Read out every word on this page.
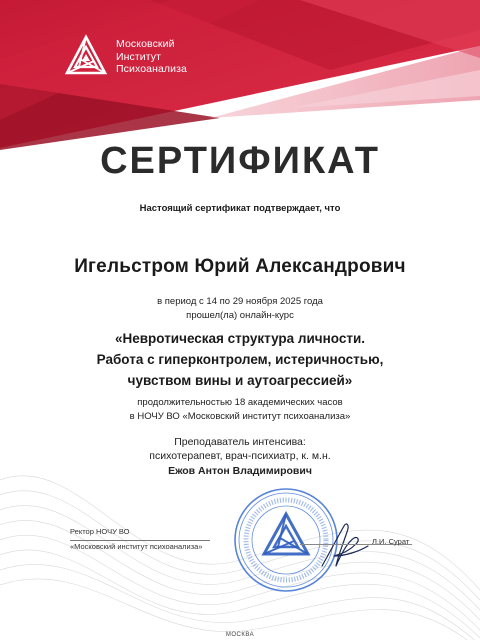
Московский
Институт
Психоанализа
СЕРТИФИКАТ
Настоящий сертификат подтверждает, что
Игельстром Юрий Александрович
в период с 14 по 29 ноября 2025 года
прошел(ла) онлайн-курс
«Невротическая структура личности.
Работа с гиперконтролем, истеричностью,
чувством вины и аутоагрессией»
продолжительностью 18 академических часов
в НОЧУ ВО «Московский институт психоанализа»
Преподаватель интенсива:
психотерапевт, врач-психиатр, к. м.н.
Ежов Антон Владимирович
Ректор НОЧУ ВО
«Московский институт психоанализа»
Л.И. Сурат
МОСКВА
